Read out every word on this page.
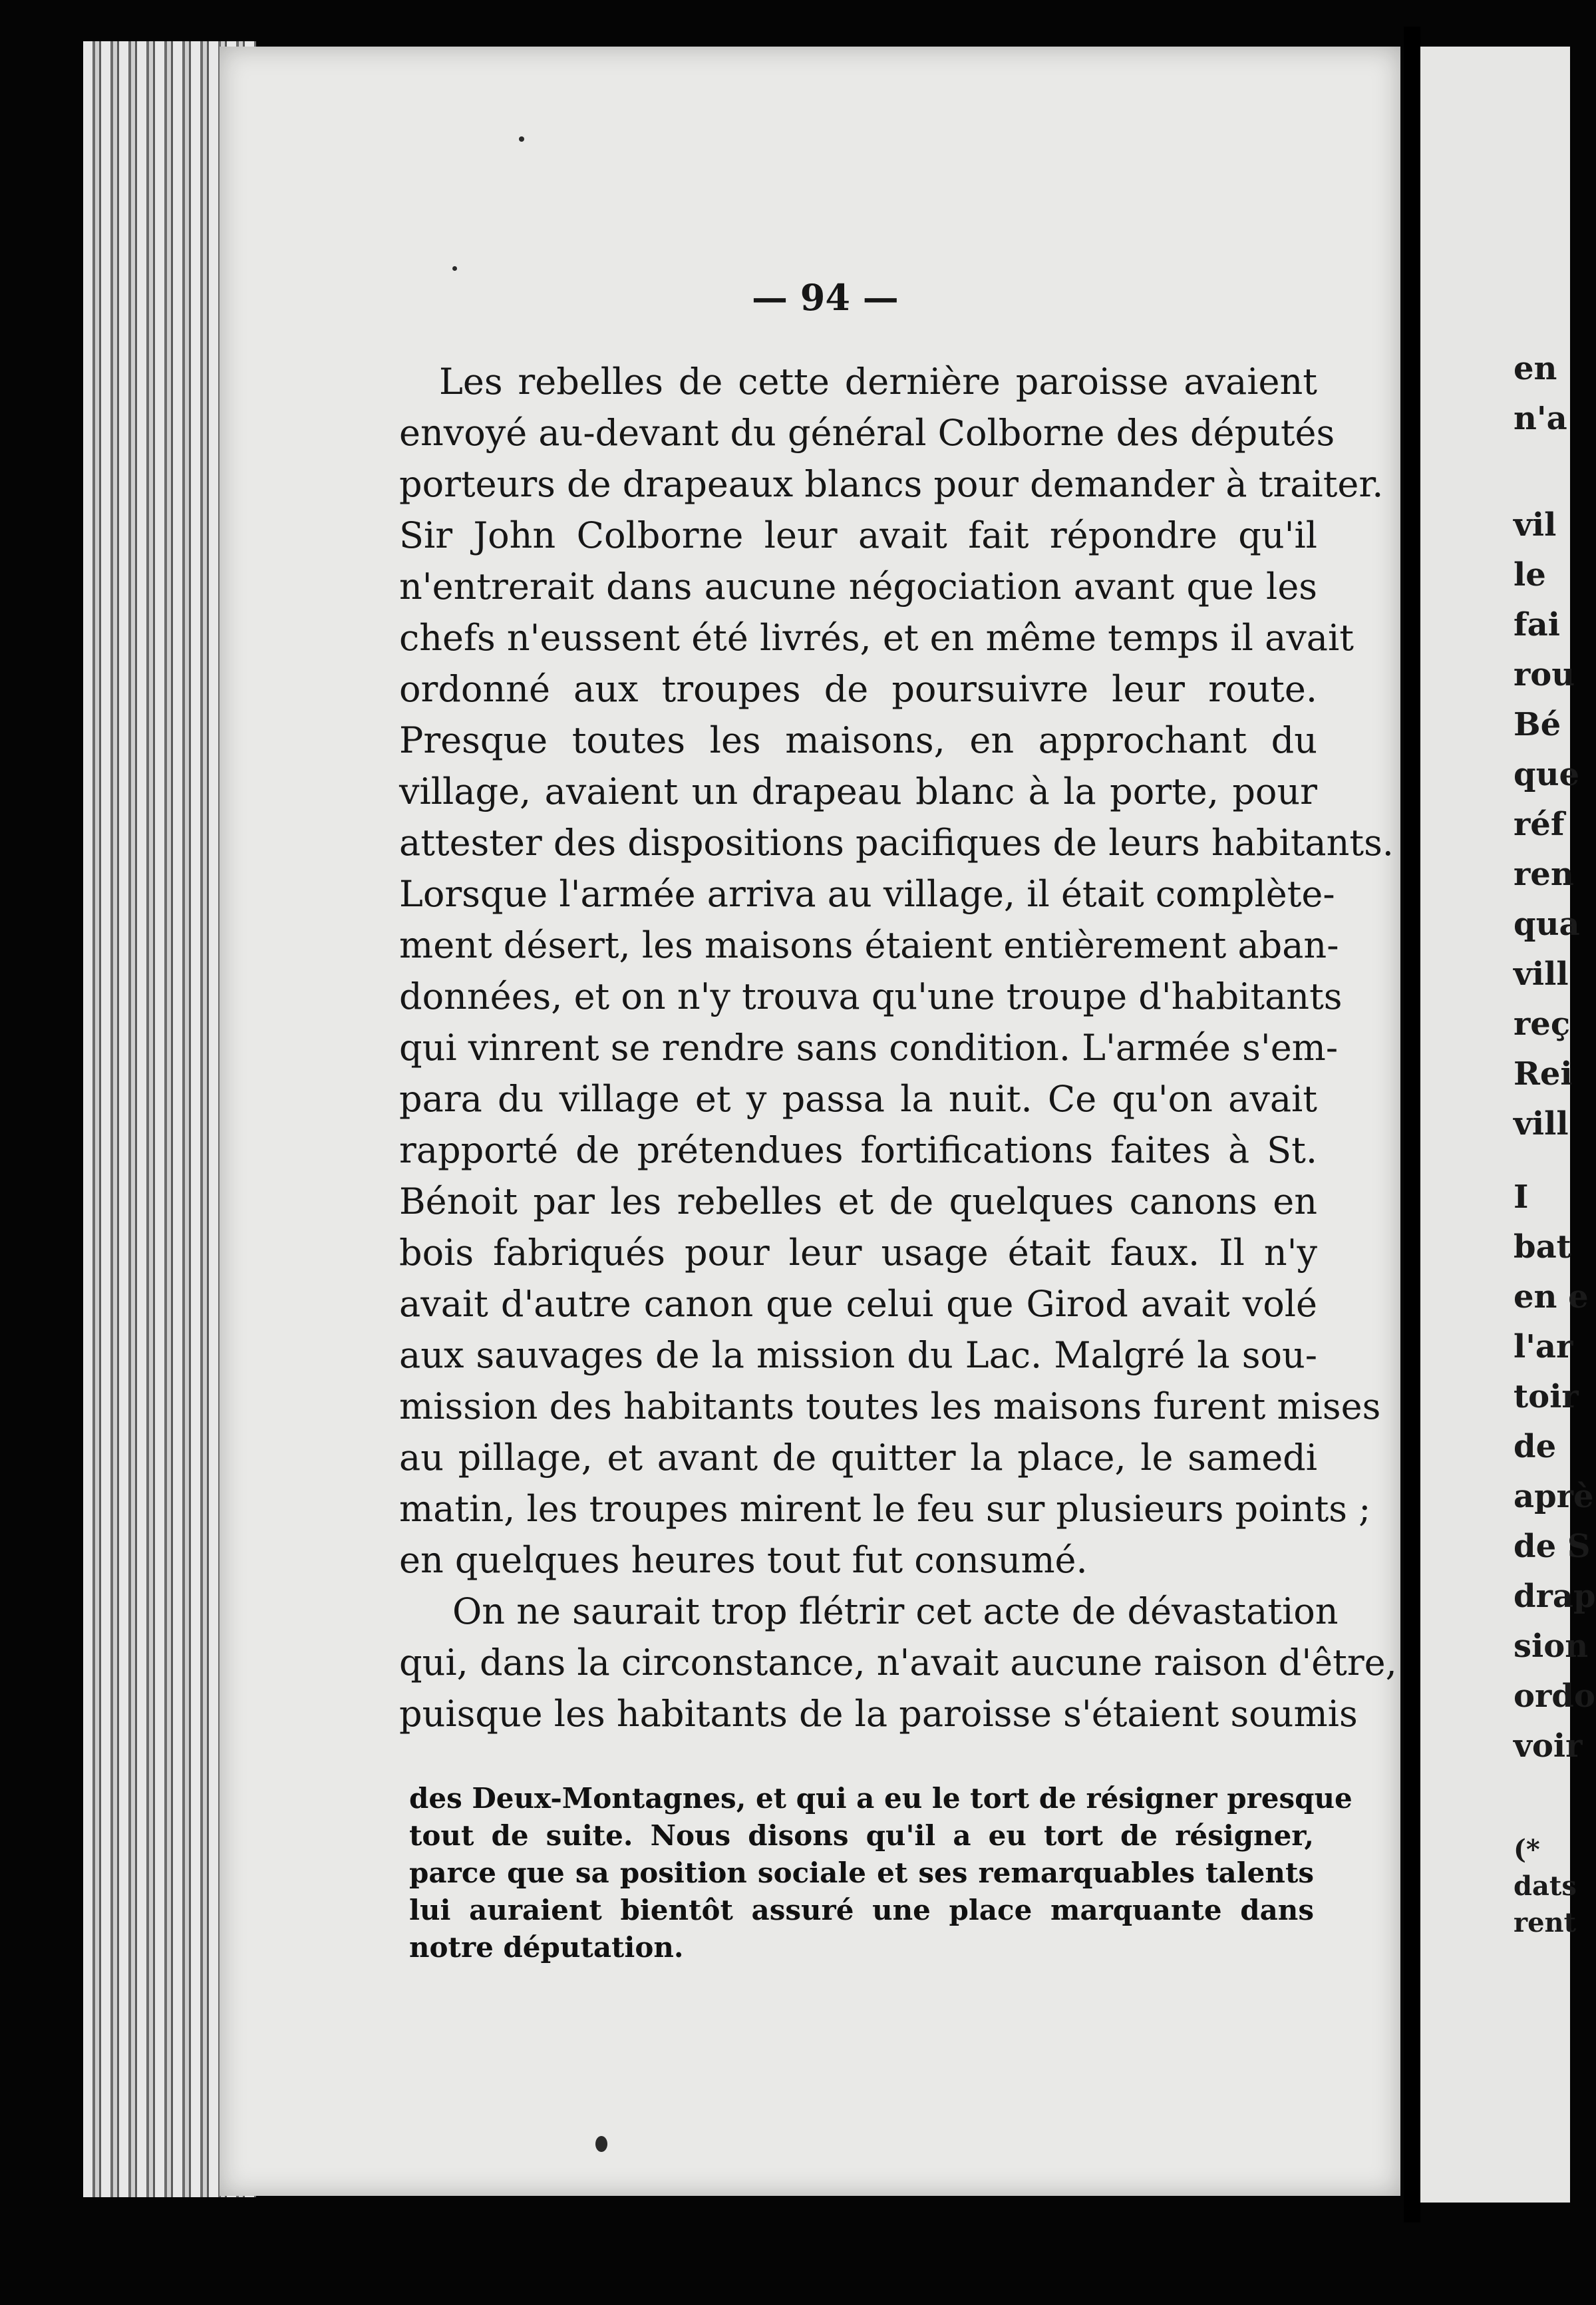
— 94 —
Les rebelles de cette dernière paroisse avaient
envoyé au-devant du général Colborne des députés
porteurs de drapeaux blancs pour demander à traiter.
Sir John Colborne leur avait fait répondre qu'il
n'entrerait dans aucune négociation avant que les
chefs n'eussent été livrés, et en même temps il avait
ordonné aux troupes de poursuivre leur route.
Presque toutes les maisons, en approchant du
village, avaient un drapeau blanc à la porte, pour
attester des dispositions pacifiques de leurs habitants.
Lorsque l'armée arriva au village, il était complète-
ment désert, les maisons étaient entièrement aban-
données, et on n'y trouva qu'une troupe d'habitants
qui vinrent se rendre sans condition. L'armée s'em-
para du village et y passa la nuit. Ce qu'on avait
rapporté de prétendues fortifications faites à St.
Bénoit par les rebelles et de quelques canons en
bois fabriqués pour leur usage était faux. Il n'y
avait d'autre canon que celui que Girod avait volé
aux sauvages de la mission du Lac. Malgré la sou-
mission des habitants toutes les maisons furent mises
au pillage, et avant de quitter la place, le samedi
matin, les troupes mirent le feu sur plusieurs points ;
en quelques heures tout fut consumé.
On ne saurait trop flétrir cet acte de dévastation
qui, dans la circonstance, n'avait aucune raison d'être,
puisque les habitants de la paroisse s'étaient soumis
des Deux-Montagnes, et qui a eu le tort de résigner presque
tout de suite. Nous disons qu'il a eu tort de résigner,
parce que sa position sociale et ses remarquables talents
lui auraient bientôt assuré une place marquante dans
notre députation.
en
n'a
vil
le
fai
rou
Bé
que
réf
ren
qua
vill
reç
Rei
vill
I
bat
en e
l'ar
toir
de
aprè
de S
drap
sion
ordo
voir
(*
dats
rent
